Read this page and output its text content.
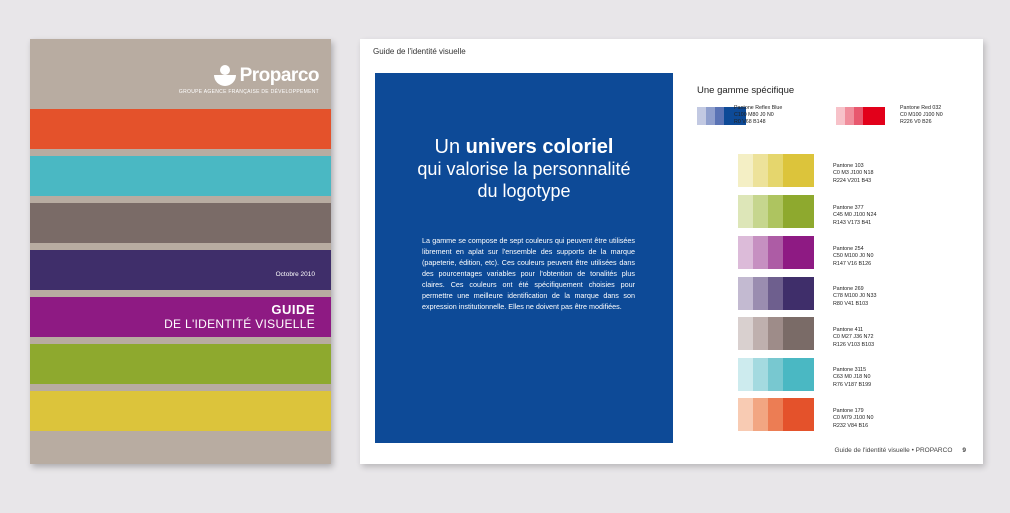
Proparco
GROUPE AGENCE FRANÇAISE DE DÉVELOPPEMENT
Octobre 2010
GUIDE
DE L'IDENTITÉ VISUELLE
Guide de l'identité visuelle
Un univers coloriel
qui valorise la personnalité
du logotype
La gamme se compose de sept couleurs qui peuvent être utilisées librement en aplat sur l'ensemble des supports de la marque (papeterie, édition, etc). Ces couleurs peuvent être utilisées dans des pourcentages variables pour l'obtention de tonalités plus claires. Ces couleurs ont été spécifiquement choisies pour permettre une meilleure identification de la marque dans son expression institutionnelle. Elles ne doivent pas être modifiées.
Une gamme spécifique
Pantone Reflex Blue
C100 M80 J0 N0
R0 V68 B148
Pantone Red 032
C0 M100 J100 N0
R226 V0 B26
Pantone 103
C0 M3 J100 N18
R224 V201 B43
Pantone 377
C45 M0 J100 N24
R143 V173 B41
Pantone 254
C50 M100 J0 N0
R147 V16 B126
Pantone 269
C78 M100 J0 N33
R80 V41 B103
Pantone 411
C0 M27 J36 N72
R126 V103 B103
Pantone 3115
C63 M0 J18 N0
R76 V187 B199
Pantone 179
C0 M79 J100 N0
R232 V84 B16
Guide de l'identité visuelle • PROPARCO 9
